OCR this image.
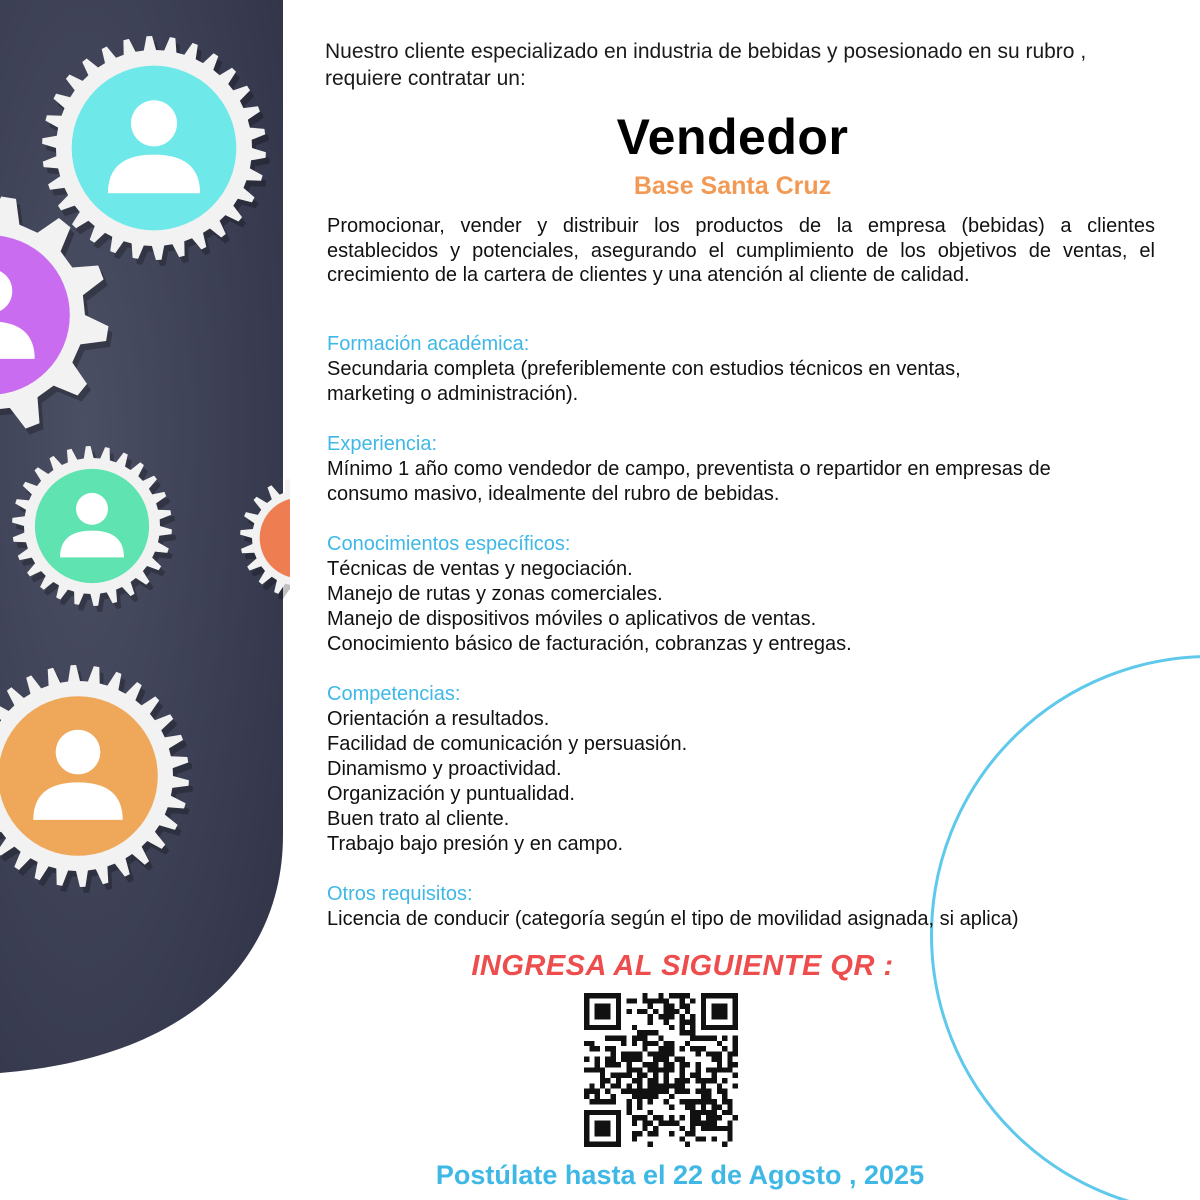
Nuestro cliente especializado en industria de bebidas y posesionado en su rubro , requiere contratar un:
Vendedor
Base Santa Cruz
Promocionar, vender y distribuir los productos de la empresa (bebidas) a clientes establecidos y potenciales, asegurando el cumplimiento de los objetivos de ventas, el crecimiento de la cartera de clientes y una atención al cliente de calidad.
Formación académica:
Secundaria completa (preferiblemente con estudios técnicos en ventas,
marketing o administración).
Experiencia:
Mínimo 1 año como vendedor de campo, preventista o repartidor en empresas de
consumo masivo, idealmente del rubro de bebidas.
Conocimientos específicos:
Técnicas de ventas y negociación.
Manejo de rutas y zonas comerciales.
Manejo de dispositivos móviles o aplicativos de ventas.
Conocimiento básico de facturación, cobranzas y entregas.
Competencias:
Orientación a resultados.
Facilidad de comunicación y persuasión.
Dinamismo y proactividad.
Organización y puntualidad.
Buen trato al cliente.
Trabajo bajo presión y en campo.
Otros requisitos:
Licencia de conducir (categoría según el tipo de movilidad asignada, si aplica)
INGRESA AL SIGUIENTE QR :
Postúlate hasta el 22 de Agosto , 2025
